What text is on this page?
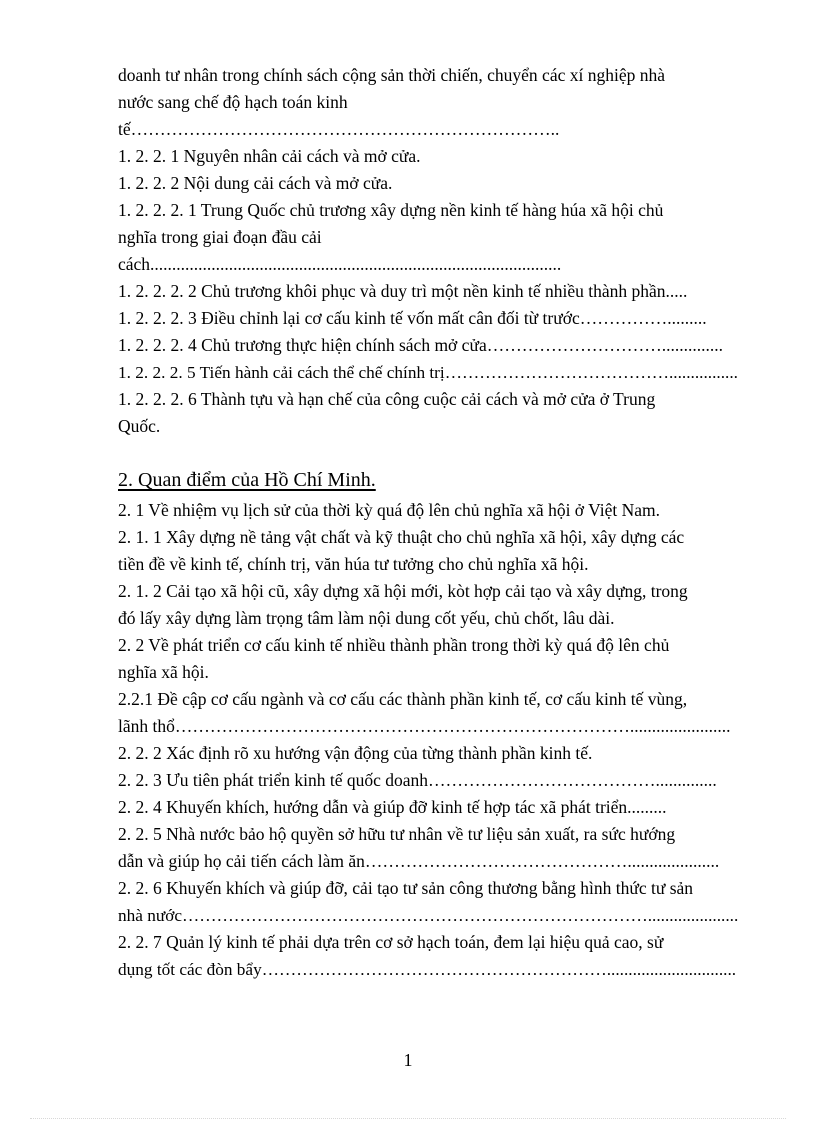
doanh tư nhân trong chính sách cộng sản thời chiến, chuyển các xí nghiệp nhà
nước sang chế độ hạch toán kinh
tế………………………………………………………………..
1. 2. 2. 1 Nguyên nhân cải cách và mở cửa.
1. 2. 2. 2 Nội dung cải cách và mở cửa.
1. 2. 2. 2. 1 Trung Quốc chủ trương xây dựng nền kinh tế hàng húa xã hội chủ
nghĩa trong giai đoạn đầu cải
cách..............................................................................................
1. 2. 2. 2. 2 Chủ trương khôi phục và duy trì một nền kinh tế nhiều thành phần.....
1. 2. 2. 2. 3 Điều chỉnh lại cơ cấu kinh tế vốn mất cân đối từ trước…………….........
1. 2. 2. 2. 4 Chủ trương thực hiện chính sách mở cửa…………………………..............
1. 2. 2. 2. 5 Tiến hành cải cách thể chế chính trị…………………………………................
1. 2. 2. 2. 6 Thành tựu và hạn chế của công cuộc cải cách và mở cửa ở Trung
Quốc.
2. Quan điểm của Hồ Chí Minh.
2. 1 Về nhiệm vụ lịch sử của thời kỳ quá độ lên chủ nghĩa xã hội ở Việt Nam.
2. 1. 1 Xây dựng nề tảng vật chất và kỹ thuật cho chủ nghĩa xã hội, xây dựng các
tiền đề về kinh tế, chính trị, văn húa tư tưởng cho chủ nghĩa xã hội.
2. 1. 2 Cải tạo xã hội cũ, xây dựng xã hội mới, kòt hợp cải tạo và xây dựng, trong
đó lấy xây dựng làm trọng tâm làm nội dung cốt yếu, chủ chốt, lâu dài.
2. 2 Về phát triển cơ cấu kinh tế nhiều thành phần trong thời kỳ quá độ lên chủ
nghĩa xã hội.
2.2.1 Đề cập cơ cấu ngành và cơ cấu các thành phần kinh tế, cơ cấu kinh tế vùng,
lãnh thổ…………………………………………………………………….......................
2. 2. 2 Xác định rõ xu hướng vận động của từng thành phần kinh tế.
2. 2. 3 Ưu tiên phát triển kinh tế quốc doanh…………………………………..............
2. 2. 4 Khuyến khích, hướng dẫn và giúp đỡ kinh tế hợp tác xã phát triển.........
2. 2. 5 Nhà nước bảo hộ quyền sở hữu tư nhân về tư liệu sản xuất, ra sức hướng
dẫn và giúp họ cải tiến cách làm ăn……………………………………….....................
2. 2. 6 Khuyến khích và giúp đỡ, cải tạo tư sản công thương bằng hình thức tư sản
nhà nước……………………………………………………………………….....................
2. 2. 7 Quản lý kinh tế phải dựa trên cơ sở hạch toán, đem lại hiệu quả cao, sử
dụng tốt các đòn bẩy……………………………………………………..............................
1
